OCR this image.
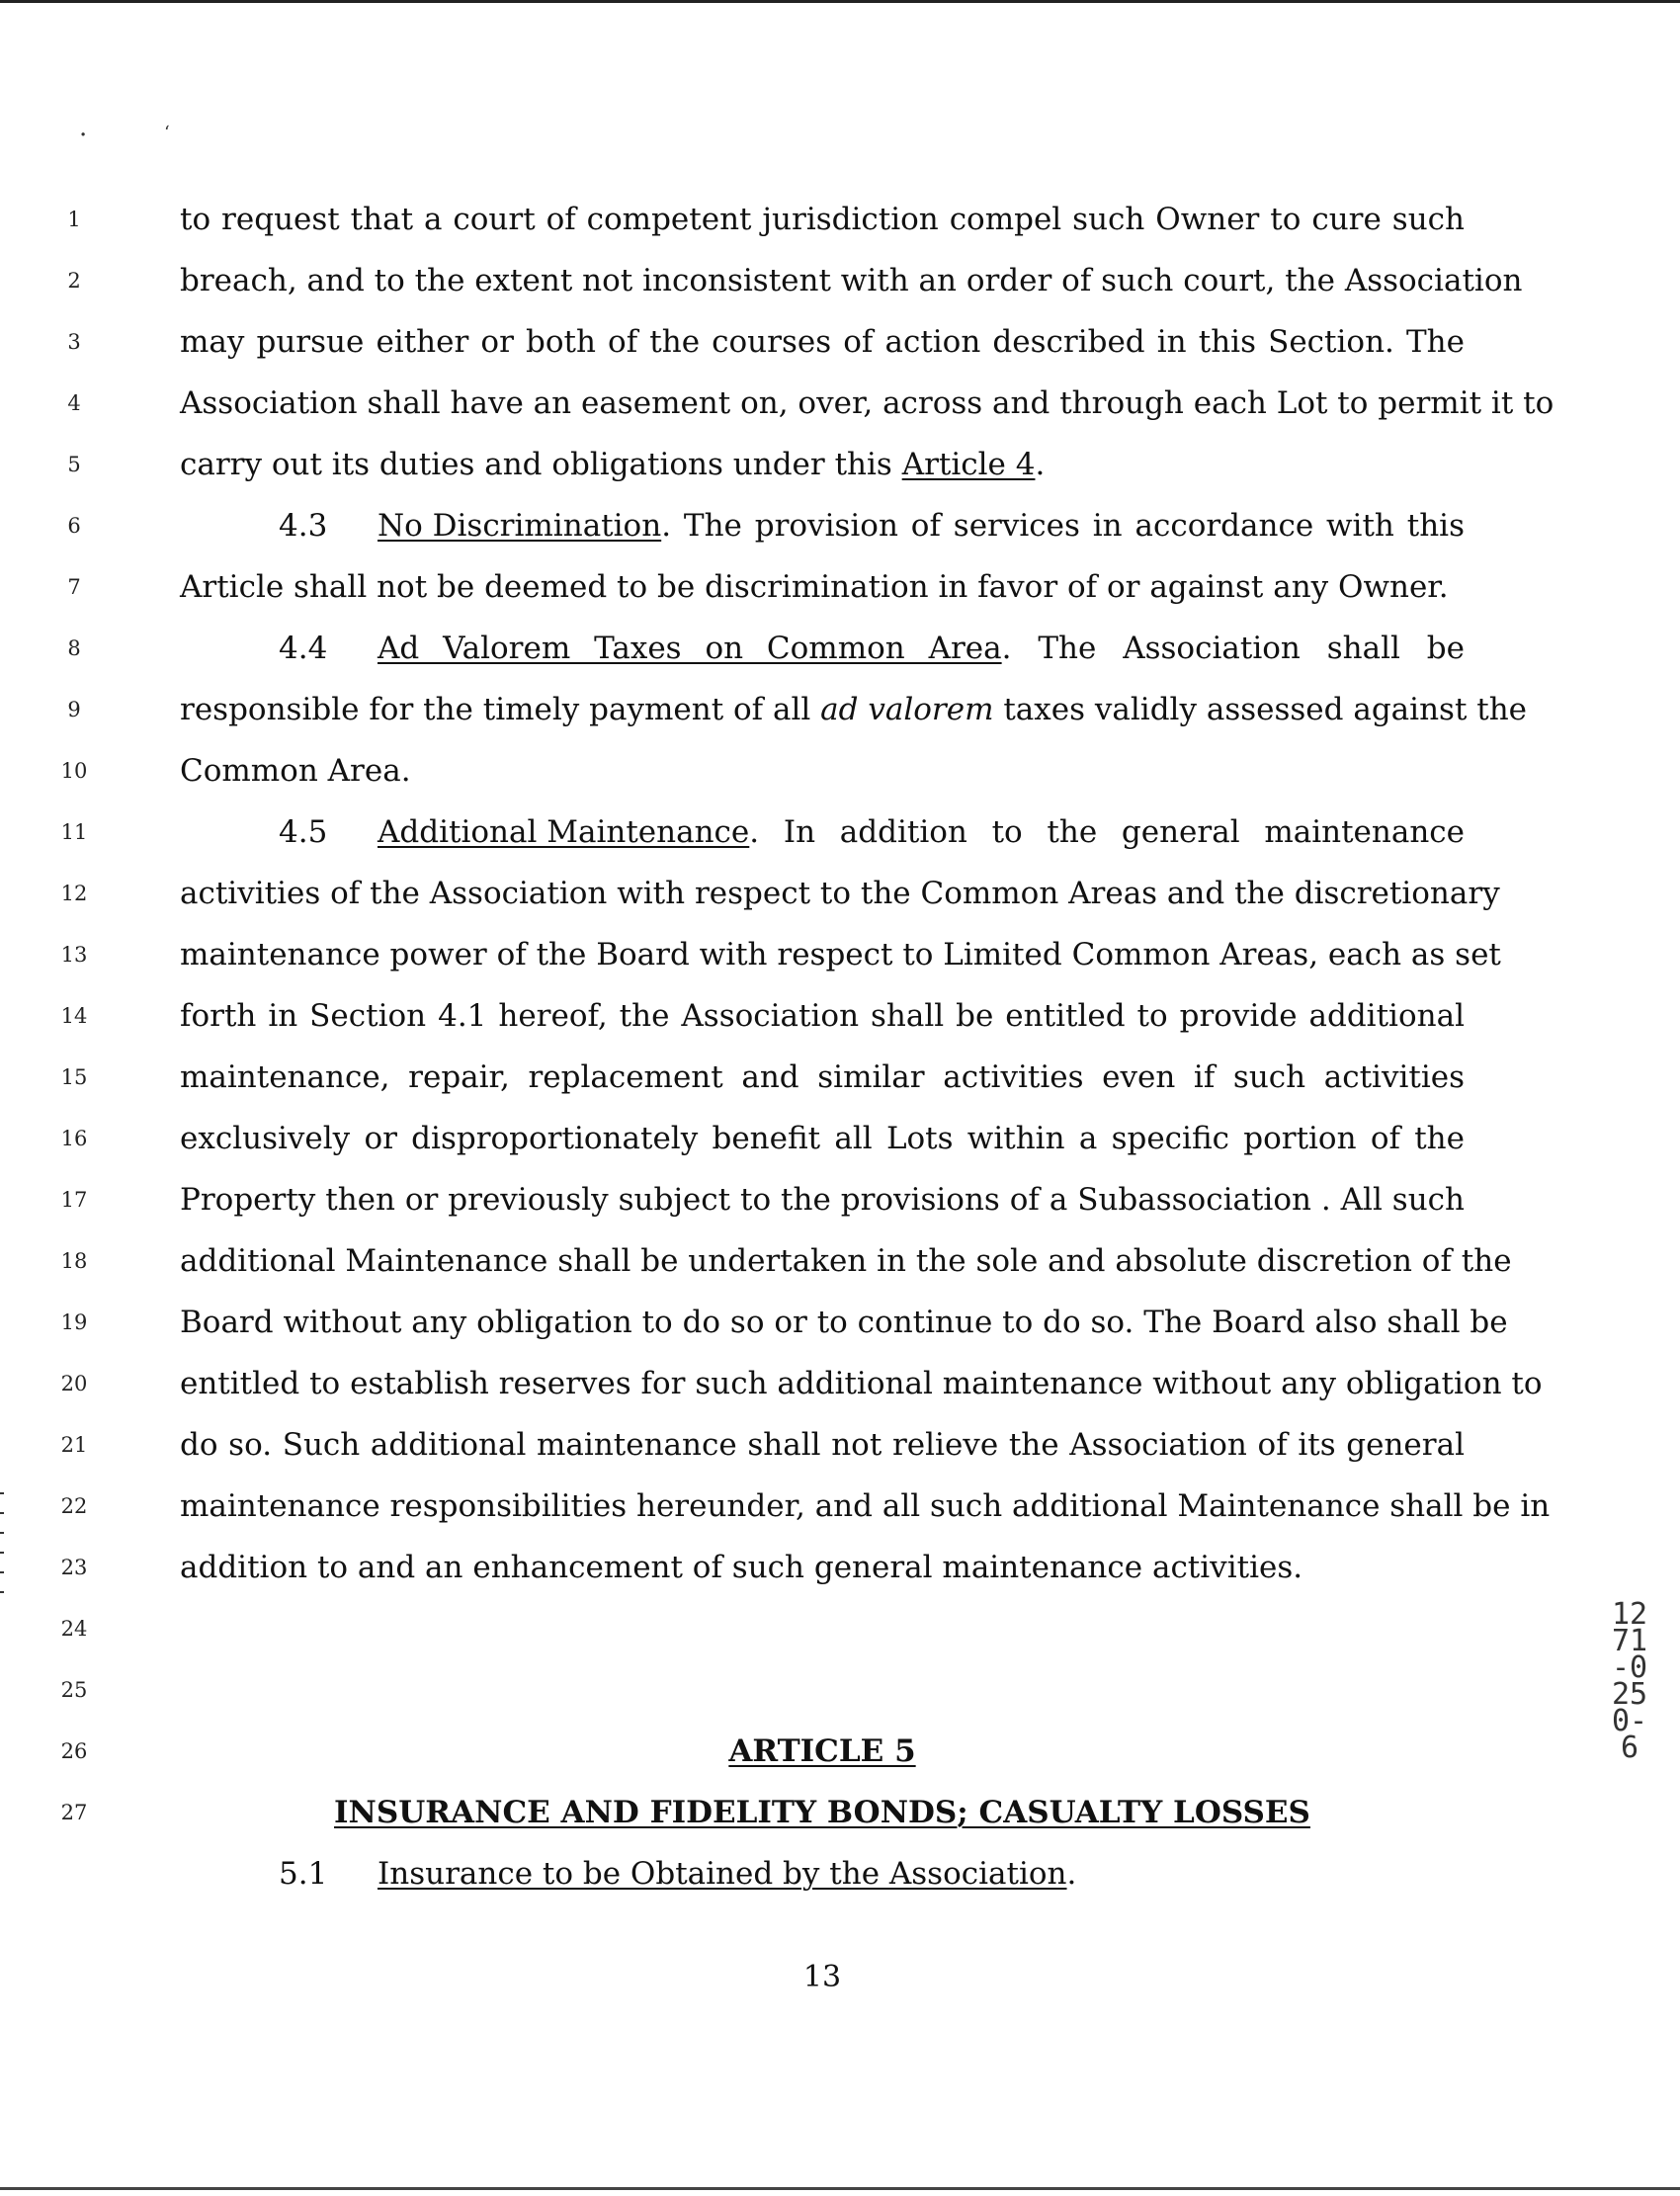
·	ʻ
1
2
3
4
5
6
7
8
9
10
11
12
13
14
15
16
17
18
19
20
21
22
23
24
25
26
27
to request that a court of competent jurisdiction compel such Owner to cure such
breach, and to the extent not inconsistent with an order of such court, the Association
may pursue either or both of the courses of action described in this Section. The
Association shall have an easement on, over, across and through each Lot to permit it to
carry out its duties and obligations under this Article 4.
4.3	No Discrimination . The provision of services in accordance with this
Article shall not be deemed to be discrimination in favor of or against any Owner.
4.4	Ad Valorem Taxes on Common Area . The Association shall be
responsible for the timely payment of all ad valorem taxes validly assessed against the
Common Area.
4.5	Additional Maintenance . In addition to the general maintenance
activities of the Association with respect to the Common Areas and the discretionary
maintenance power of the Board with respect to Limited Common Areas, each as set
forth in Section 4.1 hereof, the Association shall be entitled to provide additional
maintenance, repair, replacement and similar activities even if such activities
exclusively or disproportionately benefit all Lots within a specific portion of the
Property then or previously subject to the provisions of a Subassociation . All such
additional Maintenance shall be undertaken in the sole and absolute discretion of the
Board without any obligation to do so or to continue to do so. The Board also shall be
entitled to establish reserves for such additional maintenance without any obligation to
do so. Such additional maintenance shall not relieve the Association of its general
maintenance responsibilities hereunder, and all such additional Maintenance shall be in
addition to and an enhancement of such general maintenance activities.
ARTICLE 5
INSURANCE AND FIDELITY BONDS; CASUALTY LOSSES
5.1	Insurance to be Obtained by the Association .
1271-0250-6
13
